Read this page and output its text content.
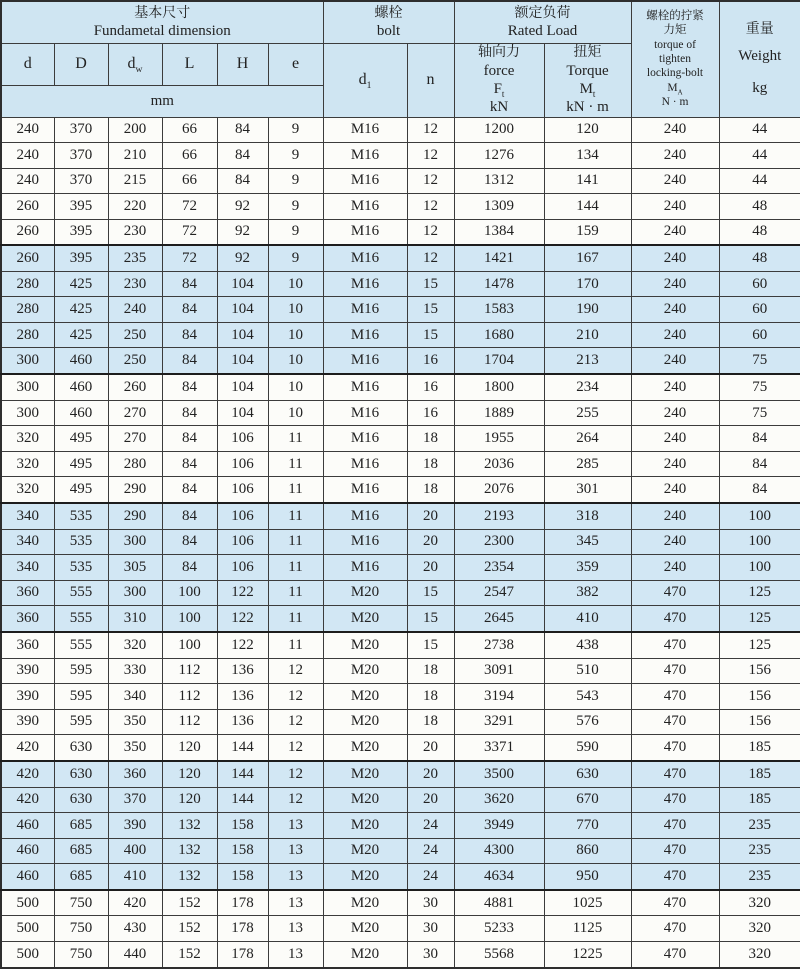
基本尺寸
Fundametal dimension

螺栓
bolt

额定负荷
Rated Load

螺栓的拧紧
力矩
torque of
tighten
locking-bolt
$M_A$
N · m

重量
Weight
kg

d	D	$d_w$	L	H	e	$d_1$	n	
轴向力
force
$F_t$
kN

扭矩
Torque
$M_t$
kN · m

mm											
240	370	200	66	84	9	M16	12	1200	120	240	44
240	370	210	66	84	9	M16	12	1276	134	240	44
240	370	215	66	84	9	M16	12	1312	141	240	44
260	395	220	72	92	9	M16	12	1309	144	240	48
260	395	230	72	92	9	M16	12	1384	159	240	48
260	395	235	72	92	9	M16	12	1421	167	240	48
280	425	230	84	104	10	M16	15	1478	170	240	60
280	425	240	84	104	10	M16	15	1583	190	240	60
280	425	250	84	104	10	M16	15	1680	210	240	60
300	460	250	84	104	10	M16	16	1704	213	240	75
300	460	260	84	104	10	M16	16	1800	234	240	75
300	460	270	84	104	10	M16	16	1889	255	240	75
320	495	270	84	106	11	M16	18	1955	264	240	84
320	495	280	84	106	11	M16	18	2036	285	240	84
320	495	290	84	106	11	M16	18	2076	301	240	84
340	535	290	84	106	11	M16	20	2193	318	240	100
340	535	300	84	106	11	M16	20	2300	345	240	100
340	535	305	84	106	11	M16	20	2354	359	240	100
360	555	300	100	122	11	M20	15	2547	382	470	125
360	555	310	100	122	11	M20	15	2645	410	470	125
360	555	320	100	122	11	M20	15	2738	438	470	125
390	595	330	112	136	12	M20	18	3091	510	470	156
390	595	340	112	136	12	M20	18	3194	543	470	156
390	595	350	112	136	12	M20	18	3291	576	470	156
420	630	350	120	144	12	M20	20	3371	590	470	185
420	630	360	120	144	12	M20	20	3500	630	470	185
420	630	370	120	144	12	M20	20	3620	670	470	185
460	685	390	132	158	13	M20	24	3949	770	470	235
460	685	400	132	158	13	M20	24	4300	860	470	235
460	685	410	132	158	13	M20	24	4634	950	470	235
500	750	420	152	178	13	M20	30	4881	1025	470	320
500	750	430	152	178	13	M20	30	5233	1125	470	320
500	750	440	152	178	13	M20	30	5568	1225	470	320
